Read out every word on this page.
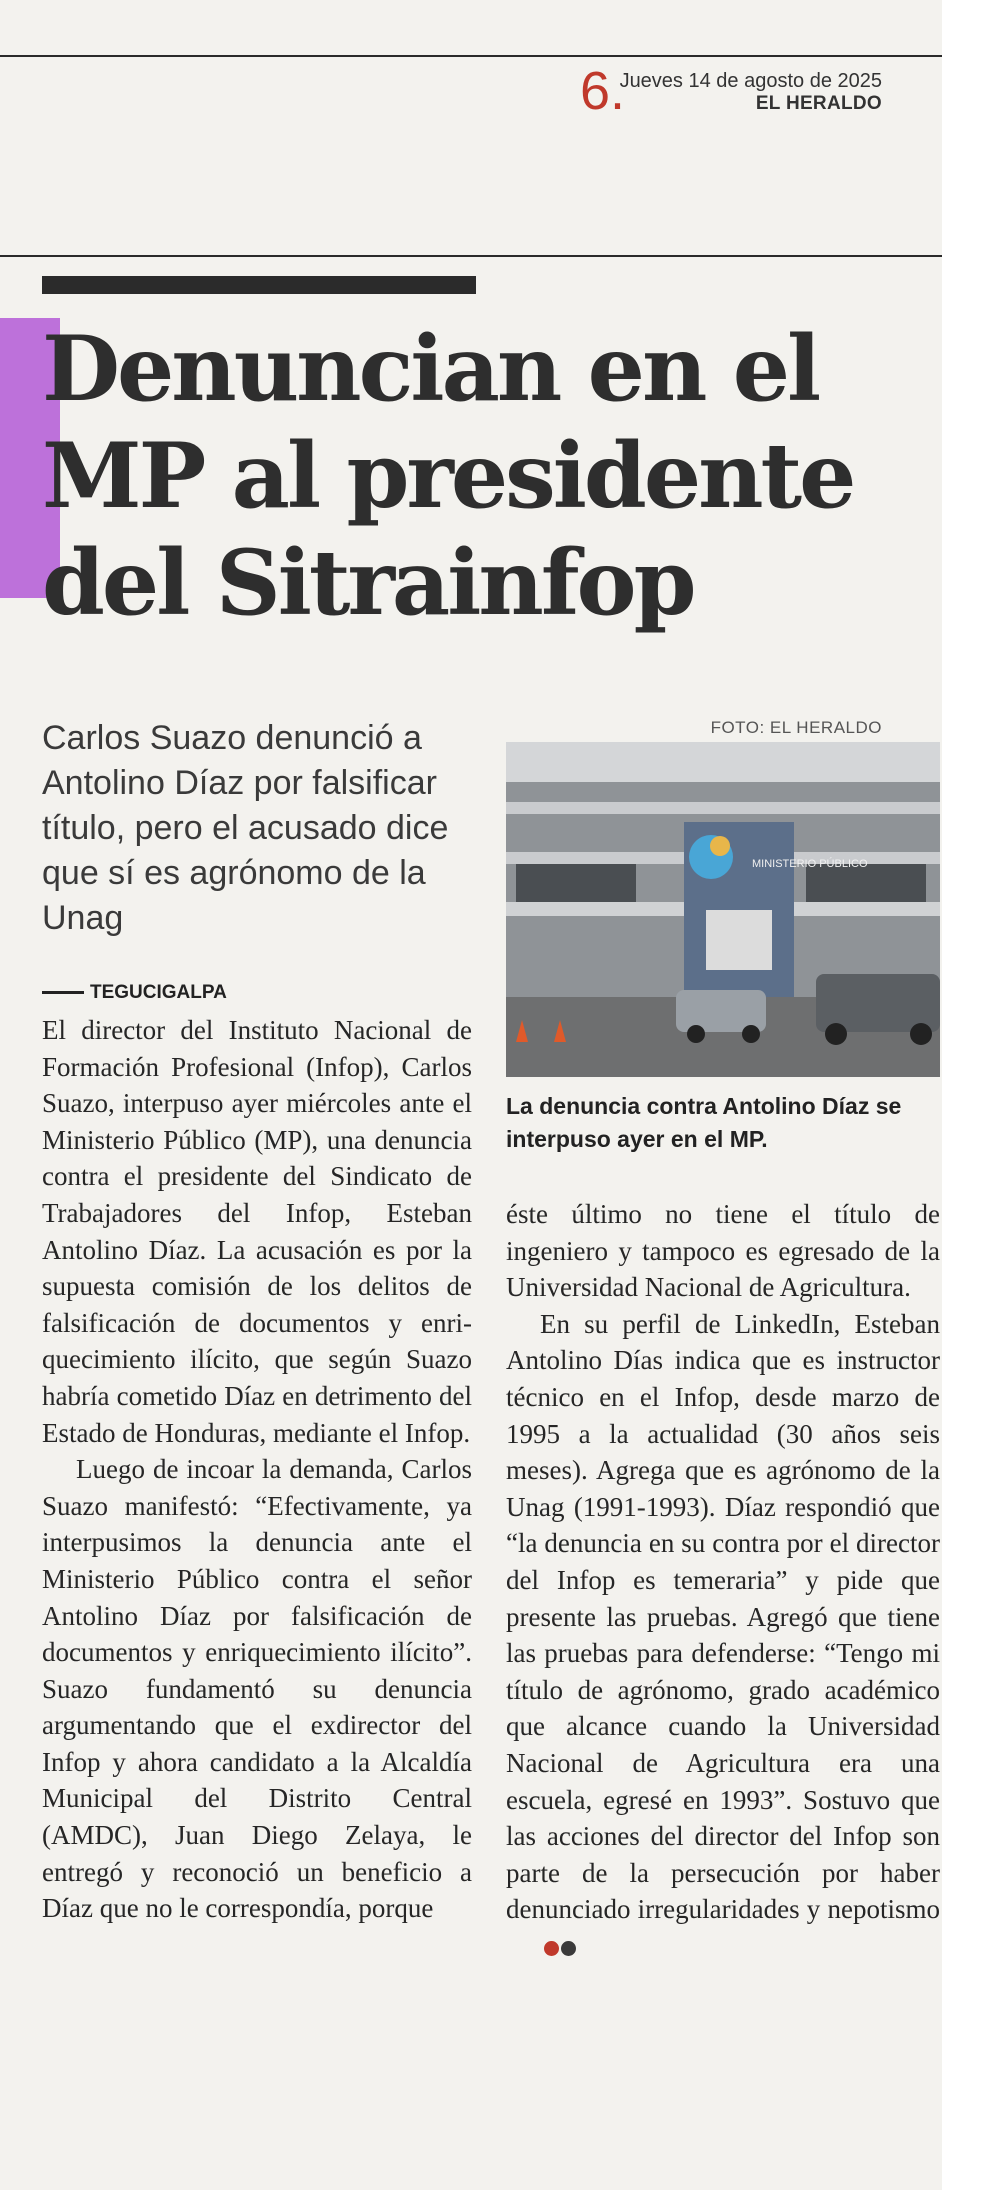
6.
Jueves 14 de agosto de 2025
EL HERALDO
Denuncian en el MP al presidente del Sitrainfop

Carlos Suazo denunció a Antolino Díaz por falsificar título, pero el acusado dice que sí es agrónomo de la Unag

FOTO: EL HERALDO
MINISTERIO PÚBLICO

La denuncia contra Antolino Díaz se interpuso ayer en el MP.

TEGUCIGALPA

El director del Instituto Nacional de Formación Profesional (Infop), Carlos Suazo, interpuso ayer miércoles ante el Ministerio Público (MP), una denuncia contra el presidente del Sindicato de Trabajadores del Infop, Esteban Antolino Díaz. La acusación es por la supuesta comisión de los delitos de falsificación de documentos y enriquecimiento ilícito, que según Suazo habría cometido Díaz en detrimento del Estado de Honduras, mediante el Infop.

Luego de incoar la demanda, Carlos Suazo manifestó: “Efectivamente, ya interpusimos la denuncia ante el Ministerio Público contra el señor Antolino Díaz por falsificación de documentos y enriquecimiento ilícito”. Suazo fundamentó su denuncia argumentando que el exdirector del Infop y ahora candidato a la Alcaldía Municipal del Distrito Central (AMDC), Juan Diego Zelaya, le entregó y reconoció un beneficio a Díaz que no le correspondía, porque

éste último no tiene el título de ingeniero y tampoco es egresado de la Universidad Nacional de Agricultura.

En su perfil de LinkedIn, Esteban Antolino Días indica que es instructor técnico en el Infop, desde marzo de 1995 a la actualidad (30 años seis meses). Agrega que es agrónomo de la Unag (1991-1993). Díaz respondió que “la denuncia en su contra por el director del Infop es temeraria” y pide que presente las pruebas. Agregó que tiene las pruebas para defenderse: “Tengo mi título de agrónomo, grado académico que alcance cuando la Universidad Nacional de Agricultura era una escuela, egresé en 1993”. Sostuvo que las acciones del director del Infop son parte de la persecución por haber denunciado irregularidades y nepotismo
